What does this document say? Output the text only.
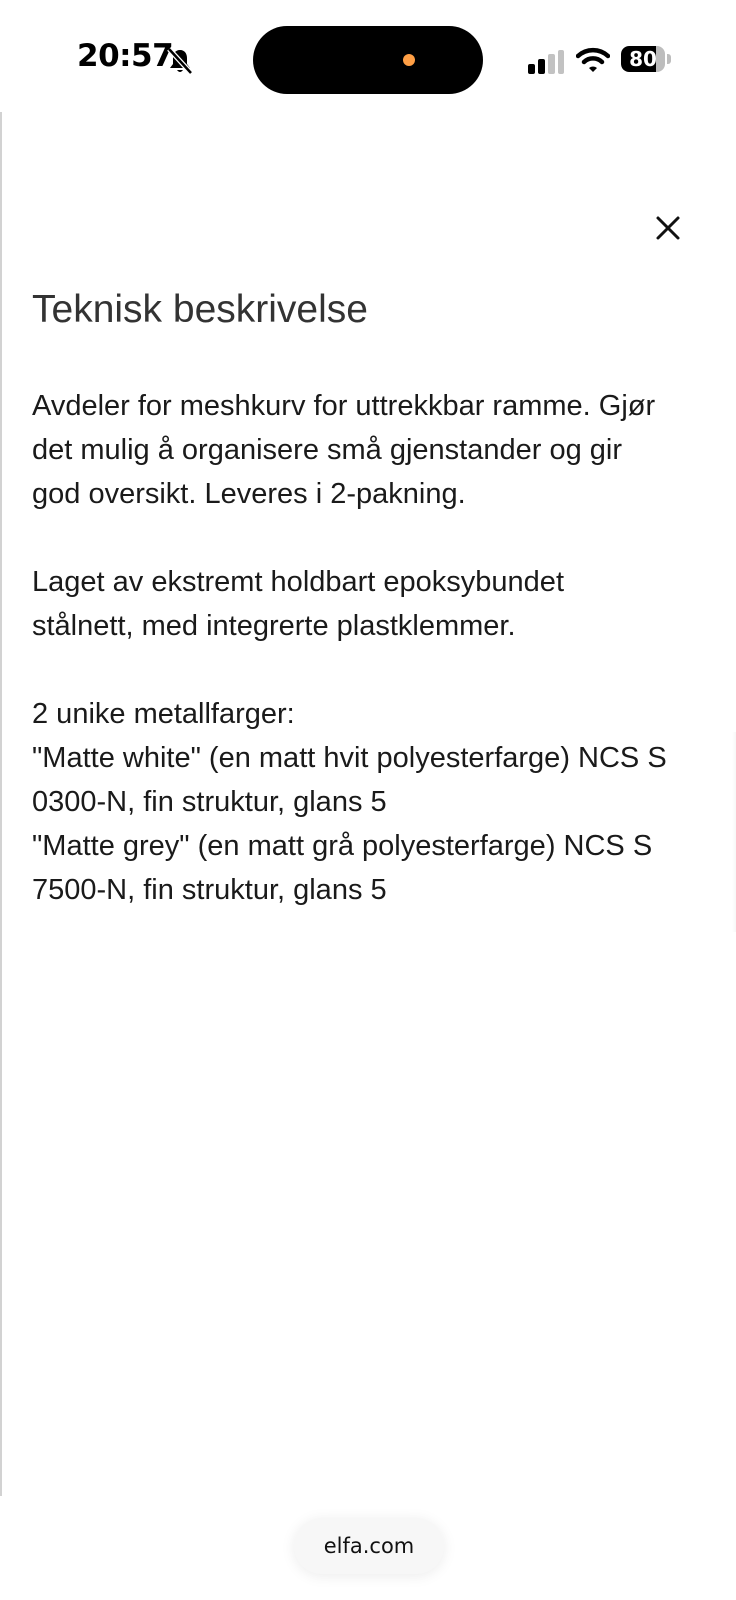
20:57	80
Teknisk beskrivelse

Avdeler for meshkurv for uttrekkbar ramme. Gjør
det mulig å organisere små gjenstander og gir
god oversikt. Leveres i 2-pakning.

Laget av ekstremt holdbart epoksybundet
stålnett, med integrerte plastklemmer.

2 unike metallfarger:
"Matte white" (en matt hvit polyesterfarge) NCS S
0300-N, fin struktur, glans 5
"Matte grey" (en matt grå polyesterfarge) NCS S
7500-N, fin struktur, glans 5

elfa.com
